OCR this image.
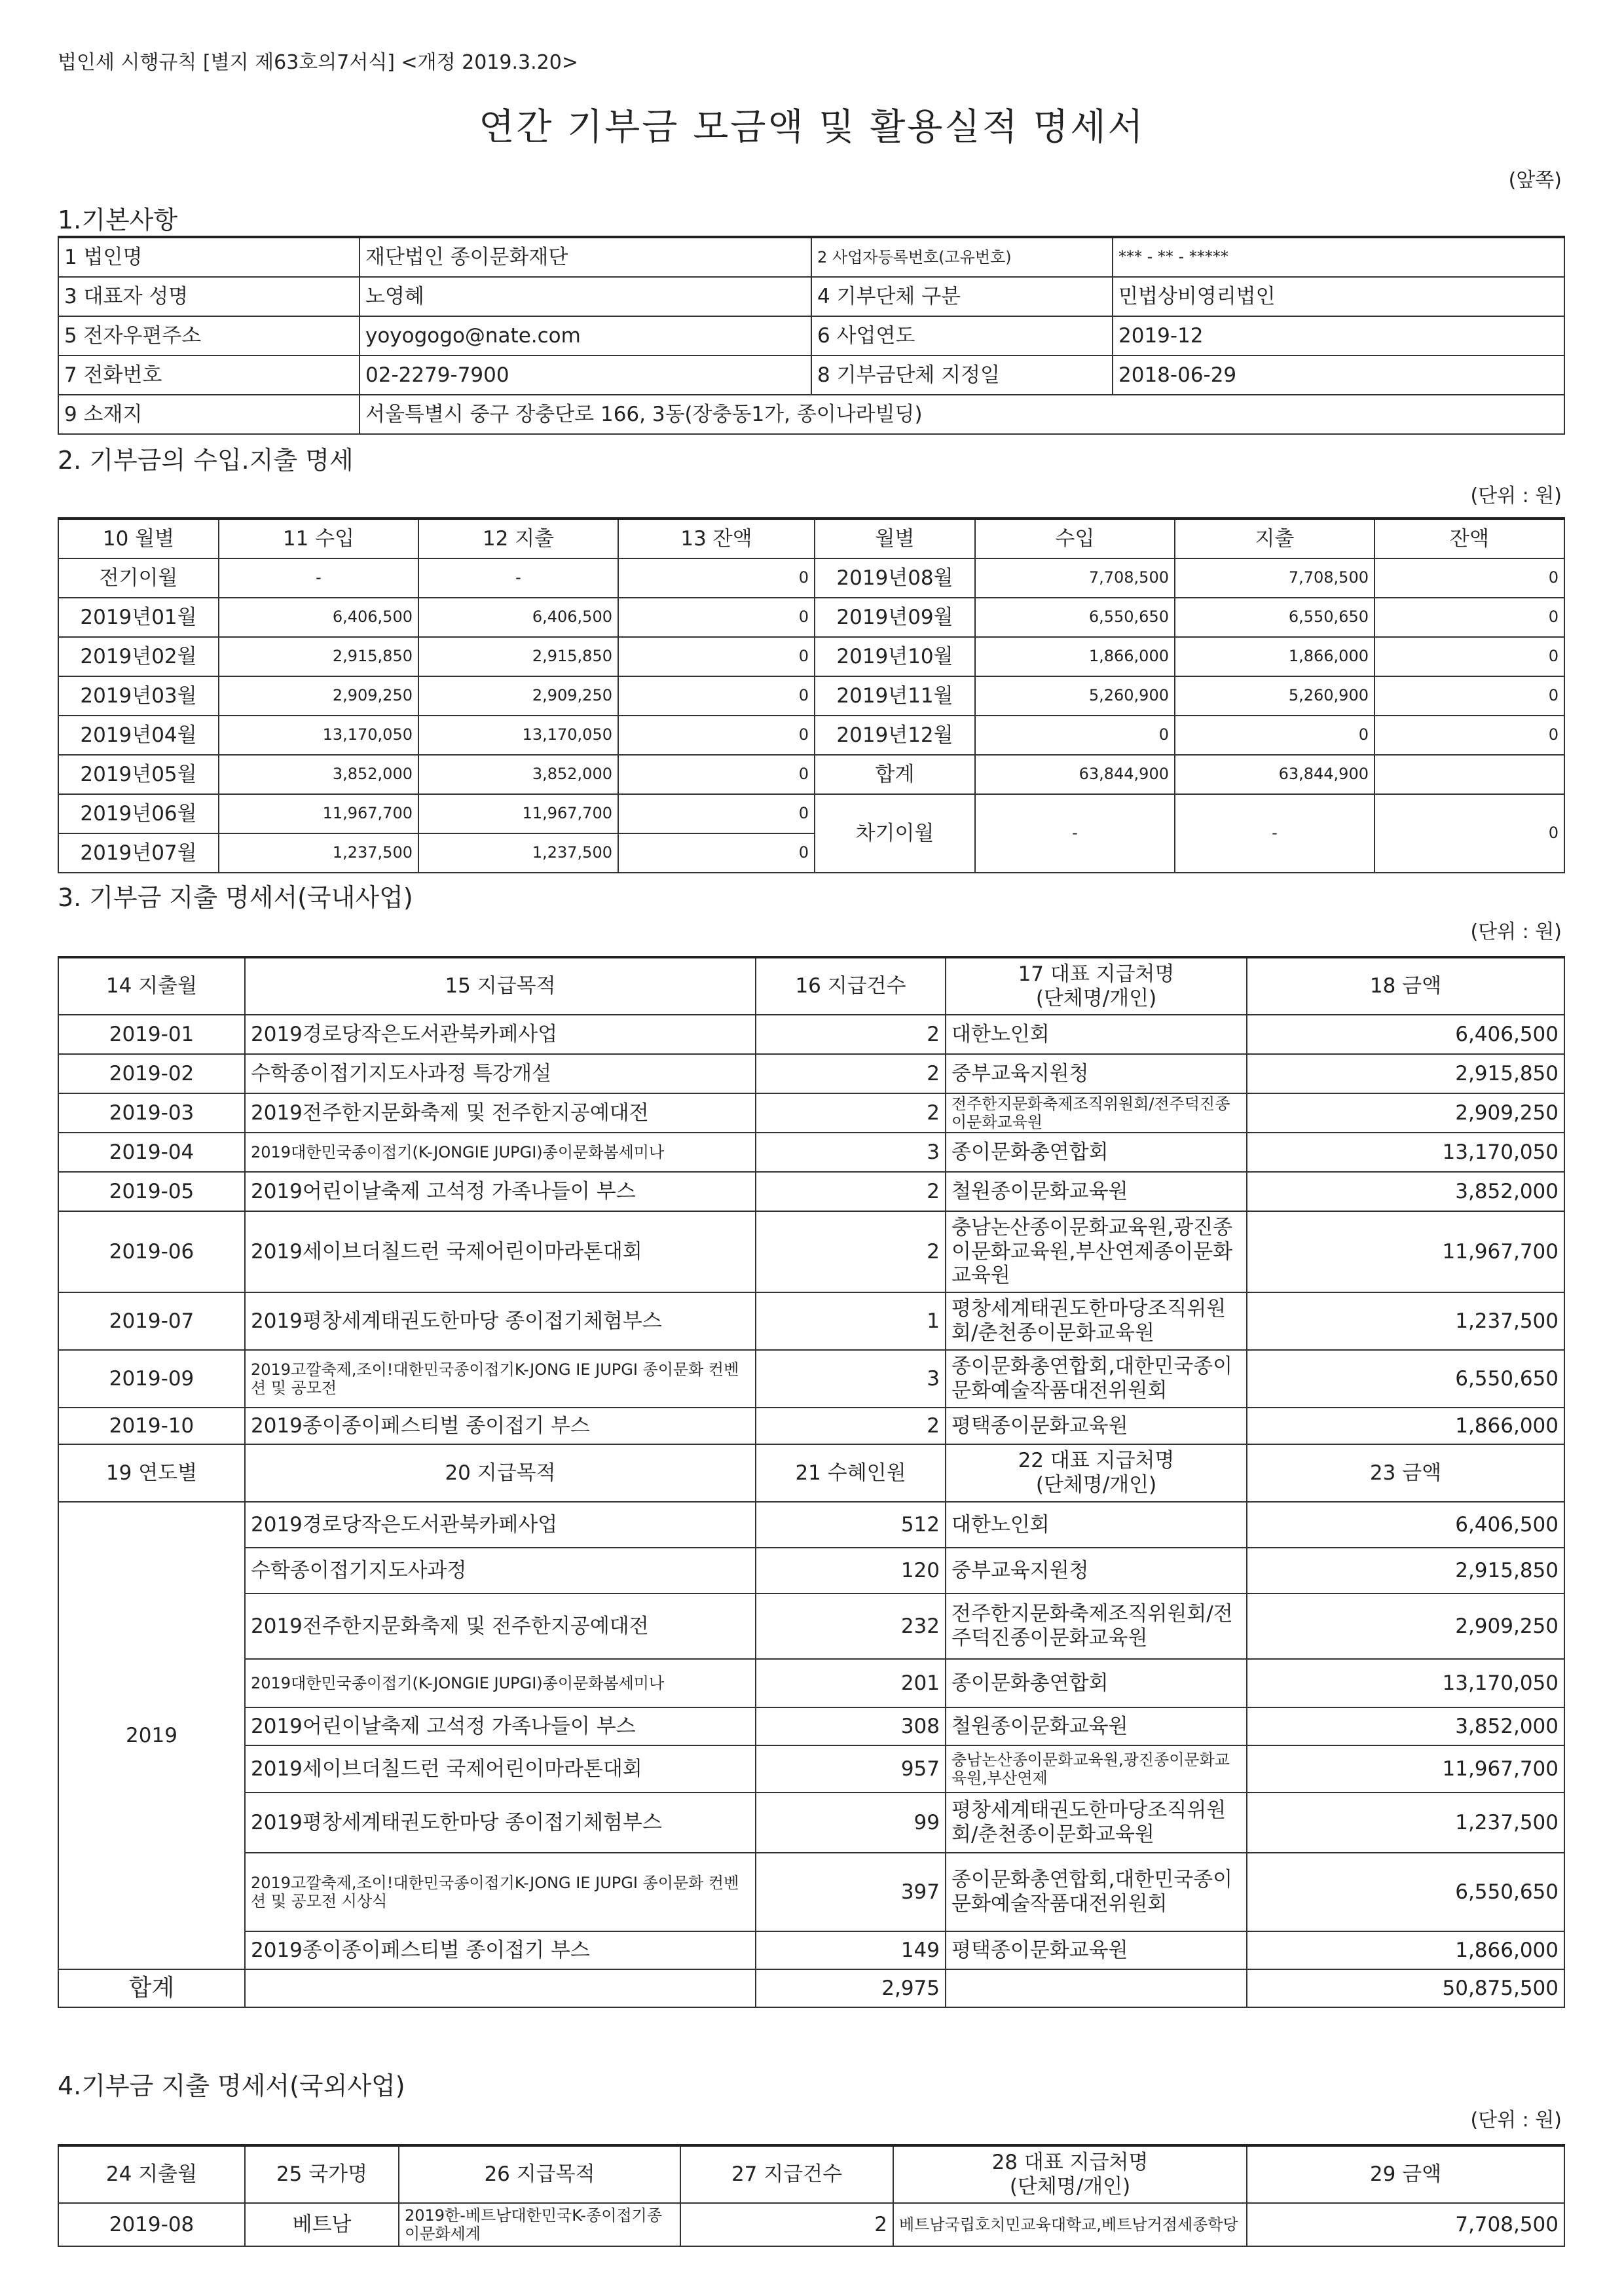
법인세 시행규칙 [별지 제63호의7서식] <개정 2019.3.20>
연간 기부금 모금액 및 활용실적 명세서
(앞쪽)
1.기본사항
1 법인명	재단법인 종이문화재단	2 사업자등록번호(고유번호)	*** - ** - *****
3 대표자 성명	노영혜	4 기부단체 구분	민법상비영리법인
5 전자우편주소	yoyogogo@nate.com	6 사업연도	2019-12
7 전화번호	02-2279-7900	8 기부금단체 지정일	2018-06-29
9 소재지	서울특별시 중구 장충단로 166, 3동(장충동1가, 종이나라빌딩)		
2. 기부금의 수입.지출 명세
(단위 : 원)
10 월별	11 수입	12 지출	13 잔액	월별	수입	지출	잔액
전기이월	-	-	0	2019년08월	7,708,500	7,708,500	0
2019년01월	6,406,500	6,406,500	0	2019년09월	6,550,650	6,550,650	0
2019년02월	2,915,850	2,915,850	0	2019년10월	1,866,000	1,866,000	0
2019년03월	2,909,250	2,909,250	0	2019년11월	5,260,900	5,260,900	0
2019년04월	13,170,050	13,170,050	0	2019년12월	0	0	0
2019년05월	3,852,000	3,852,000	0	합계	63,844,900	63,844,900	
2019년06월	11,967,700	11,967,700	0	차기이월	-	-	0
2019년07월	1,237,500	1,237,500	0				
3. 기부금 지출 명세서(국내사업)
(단위 : 원)
14 지출월	15 지급목적	16 지급건수	17 대표 지급처명
(단체명/개인)	18 금액
2019-01	2019경로당작은도서관북카페사업	2	대한노인회	6,406,500
2019-02	수학종이접기지도사과정 특강개설	2	중부교육지원청	2,915,850
2019-03	2019전주한지문화축제 및 전주한지공예대전	2	전주한지문화축제조직위원회/전주덕진종이문화교육원	2,909,250
2019-04	2019대한민국종이접기(K-JONGIE JUPGI)종이문화봄세미나	3	종이문화총연합회	13,170,050
2019-05	2019어린이날축제 고석정 가족나들이 부스	2	철원종이문화교육원	3,852,000
2019-06	2019세이브더칠드런 국제어린이마라톤대회	2	충남논산종이문화교육원,광진종이문화교육원,부산연제종이문화교육원	11,967,700
2019-07	2019평창세계태권도한마당 종이접기체험부스	1	평창세계태권도한마당조직위원회/춘천종이문화교육원	1,237,500
2019-09	2019고깔축제,조이!대한민국종이접기K-JONG IE JUPGI 종이문화 컨벤션 및 공모전	3	종이문화총연합회,대한민국종이문화예술작품대전위원회	6,550,650
2019-10	2019종이종이페스티벌 종이접기 부스	2	평택종이문화교육원	1,866,000
19 연도별	20 지급목적	21 수혜인원	22 대표 지급처명
(단체명/개인)	23 금액
2019	2019경로당작은도서관북카페사업	512	대한노인회	6,406,500
	수학종이접기지도사과정	120	중부교육지원청	2,915,850
	2019전주한지문화축제 및 전주한지공예대전	232	전주한지문화축제조직위원회/전주덕진종이문화교육원	2,909,250
	2019대한민국종이접기(K-JONGIE JUPGI)종이문화봄세미나	201	종이문화총연합회	13,170,050
	2019어린이날축제 고석정 가족나들이 부스	308	철원종이문화교육원	3,852,000
	2019세이브더칠드런 국제어린이마라톤대회	957	충남논산종이문화교육원,광진종이문화교육원,부산연제	11,967,700
	2019평창세계태권도한마당 종이접기체험부스	99	평창세계태권도한마당조직위원회/춘천종이문화교육원	1,237,500
	2019고깔축제,조이!대한민국종이접기K-JONG IE JUPGI 종이문화 컨벤션 및 공모전 시상식	397	종이문화총연합회,대한민국종이문화예술작품대전위원회	6,550,650
	2019종이종이페스티벌 종이접기 부스	149	평택종이문화교육원	1,866,000
합계		2,975		50,875,500
4.기부금 지출 명세서(국외사업)
(단위 : 원)
24 지출월	25 국가명	26 지급목적	27 지급건수	28 대표 지급처명
(단체명/개인)	29 금액
2019-08	베트남	2019한-베트남대한민국K-종이접기종이문화세계	2	베트남국립호치민교육대학교,베트남거점세종학당	7,708,500
